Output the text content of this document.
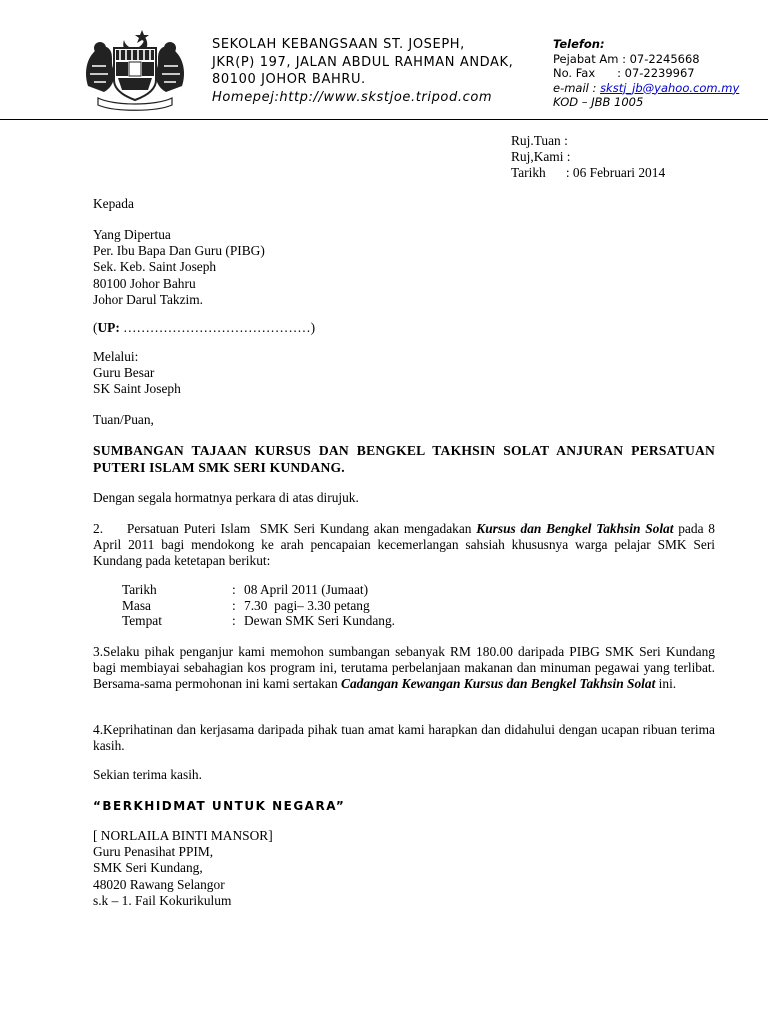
SEKOLAH KEBANGSAAN ST. JOSEPH,
JKR(P) 197, JALAN ABDUL RAHMAN ANDAK,
80100 JOHOR BAHRU.
Homepej:http://www.skstjoe.tripod.com
Telefon:
Pejabat Am : 07-2245668
No. Fax      : 07-2239967
e-mail : skstj_jb@yahoo.com.my
KOD – JBB 1005
Ruj.Tuan :
Ruj,Kami :
Tarikh      : 06 Februari 2014
Kepada
Yang Dipertua
Per. Ibu Bapa Dan Guru (PIBG)
Sek. Keb. Saint Joseph
80100 Johor Bahru
Johor Darul Takzim.
(UP: ……………………………………)
Melalui:
Guru Besar
SK Saint Joseph
Tuan/Puan,
SUMBANGAN TAJAAN KURSUS DAN BENGKEL TAKHSIN SOLAT ANJURAN PERSATUAN PUTERI ISLAM SMK SERI KUNDANG.
Dengan segala hormatnya perkara di atas dirujuk.
2.     Persatuan Puteri Islam  SMK Seri Kundang akan mengadakan Kursus dan Bengkel Takhsin Solat pada 8 April 2011 bagi mendokong ke arah pencapaian kecemerlangan sahsiah khususnya warga pelajar SMK Seri Kundang pada ketetapan berikut:
Tarikh	: 08 April 2011 (Jumaat)
Masa	: 7.30  pagi– 3.30 petang
Tempat	: Dewan SMK Seri Kundang.
3.Selaku pihak penganjur kami memohon sumbangan sebanyak RM 180.00 daripada PIBG SMK Seri Kundang bagi membiayai sebahagian kos program ini, terutama perbelanjaan makanan dan minuman pegawai yang terlibat. Bersama-sama permohonan ini kami sertakan Cadangan Kewangan Kursus dan Bengkel Takhsin Solat ini.
4.Keprihatinan dan kerjasama daripada pihak tuan amat kami harapkan dan didahului dengan ucapan ribuan terima kasih.
Sekian terima kasih.
“BERKHIDMAT UNTUK NEGARA”
[ NORLAILA BINTI MANSOR]
Guru Penasihat PPIM,
SMK Seri Kundang,
48020 Rawang Selangor
s.k – 1. Fail Kokurikulum
